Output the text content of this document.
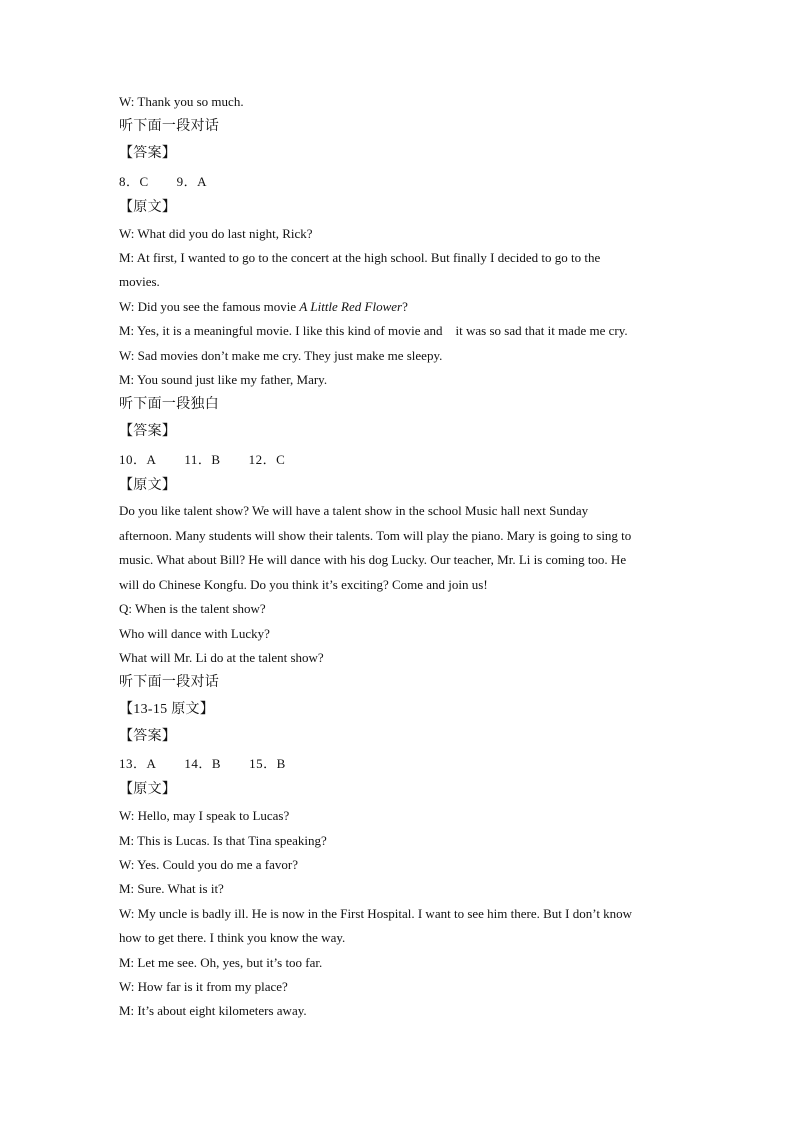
W: Thank you so much.

听下面一段对话

【答案】

8．C 9．A

【原文】

W: What did you do last night, Rick?

M: At first, I wanted to go to the concert at the high school. But finally I decided to go to the

movies.

W: Did you see the famous movie A Little Red Flower?

M: Yes, it is a meaningful movie. I like this kind of movie and    it was so sad that it made me cry.

W: Sad movies don’t make me cry. They just make me sleepy.

M: You sound just like my father, Mary.

听下面一段独白

【答案】

10．A 11．B 12．C

【原文】

Do you like talent show? We will have a talent show in the school Music hall next Sunday

afternoon. Many students will show their talents. Tom will play the piano. Mary is going to sing to

music. What about Bill? He will dance with his dog Lucky. Our teacher, Mr. Li is coming too. He

will do Chinese Kongfu. Do you think it’s exciting? Come and join us!

Q: When is the talent show?

Who will dance with Lucky?

What will Mr. Li do at the talent show?

听下面一段对话

【13-15 原文】

【答案】

13．A 14．B 15．B

【原文】

W: Hello, may I speak to Lucas?

M: This is Lucas. Is that Tina speaking?

W: Yes. Could you do me a favor?

M: Sure. What is it?

W: My uncle is badly ill. He is now in the First Hospital. I want to see him there. But I don’t know

how to get there. I think you know the way.

M: Let me see. Oh, yes, but it’s too far.

W: How far is it from my place?

M: It’s about eight kilometers away.
